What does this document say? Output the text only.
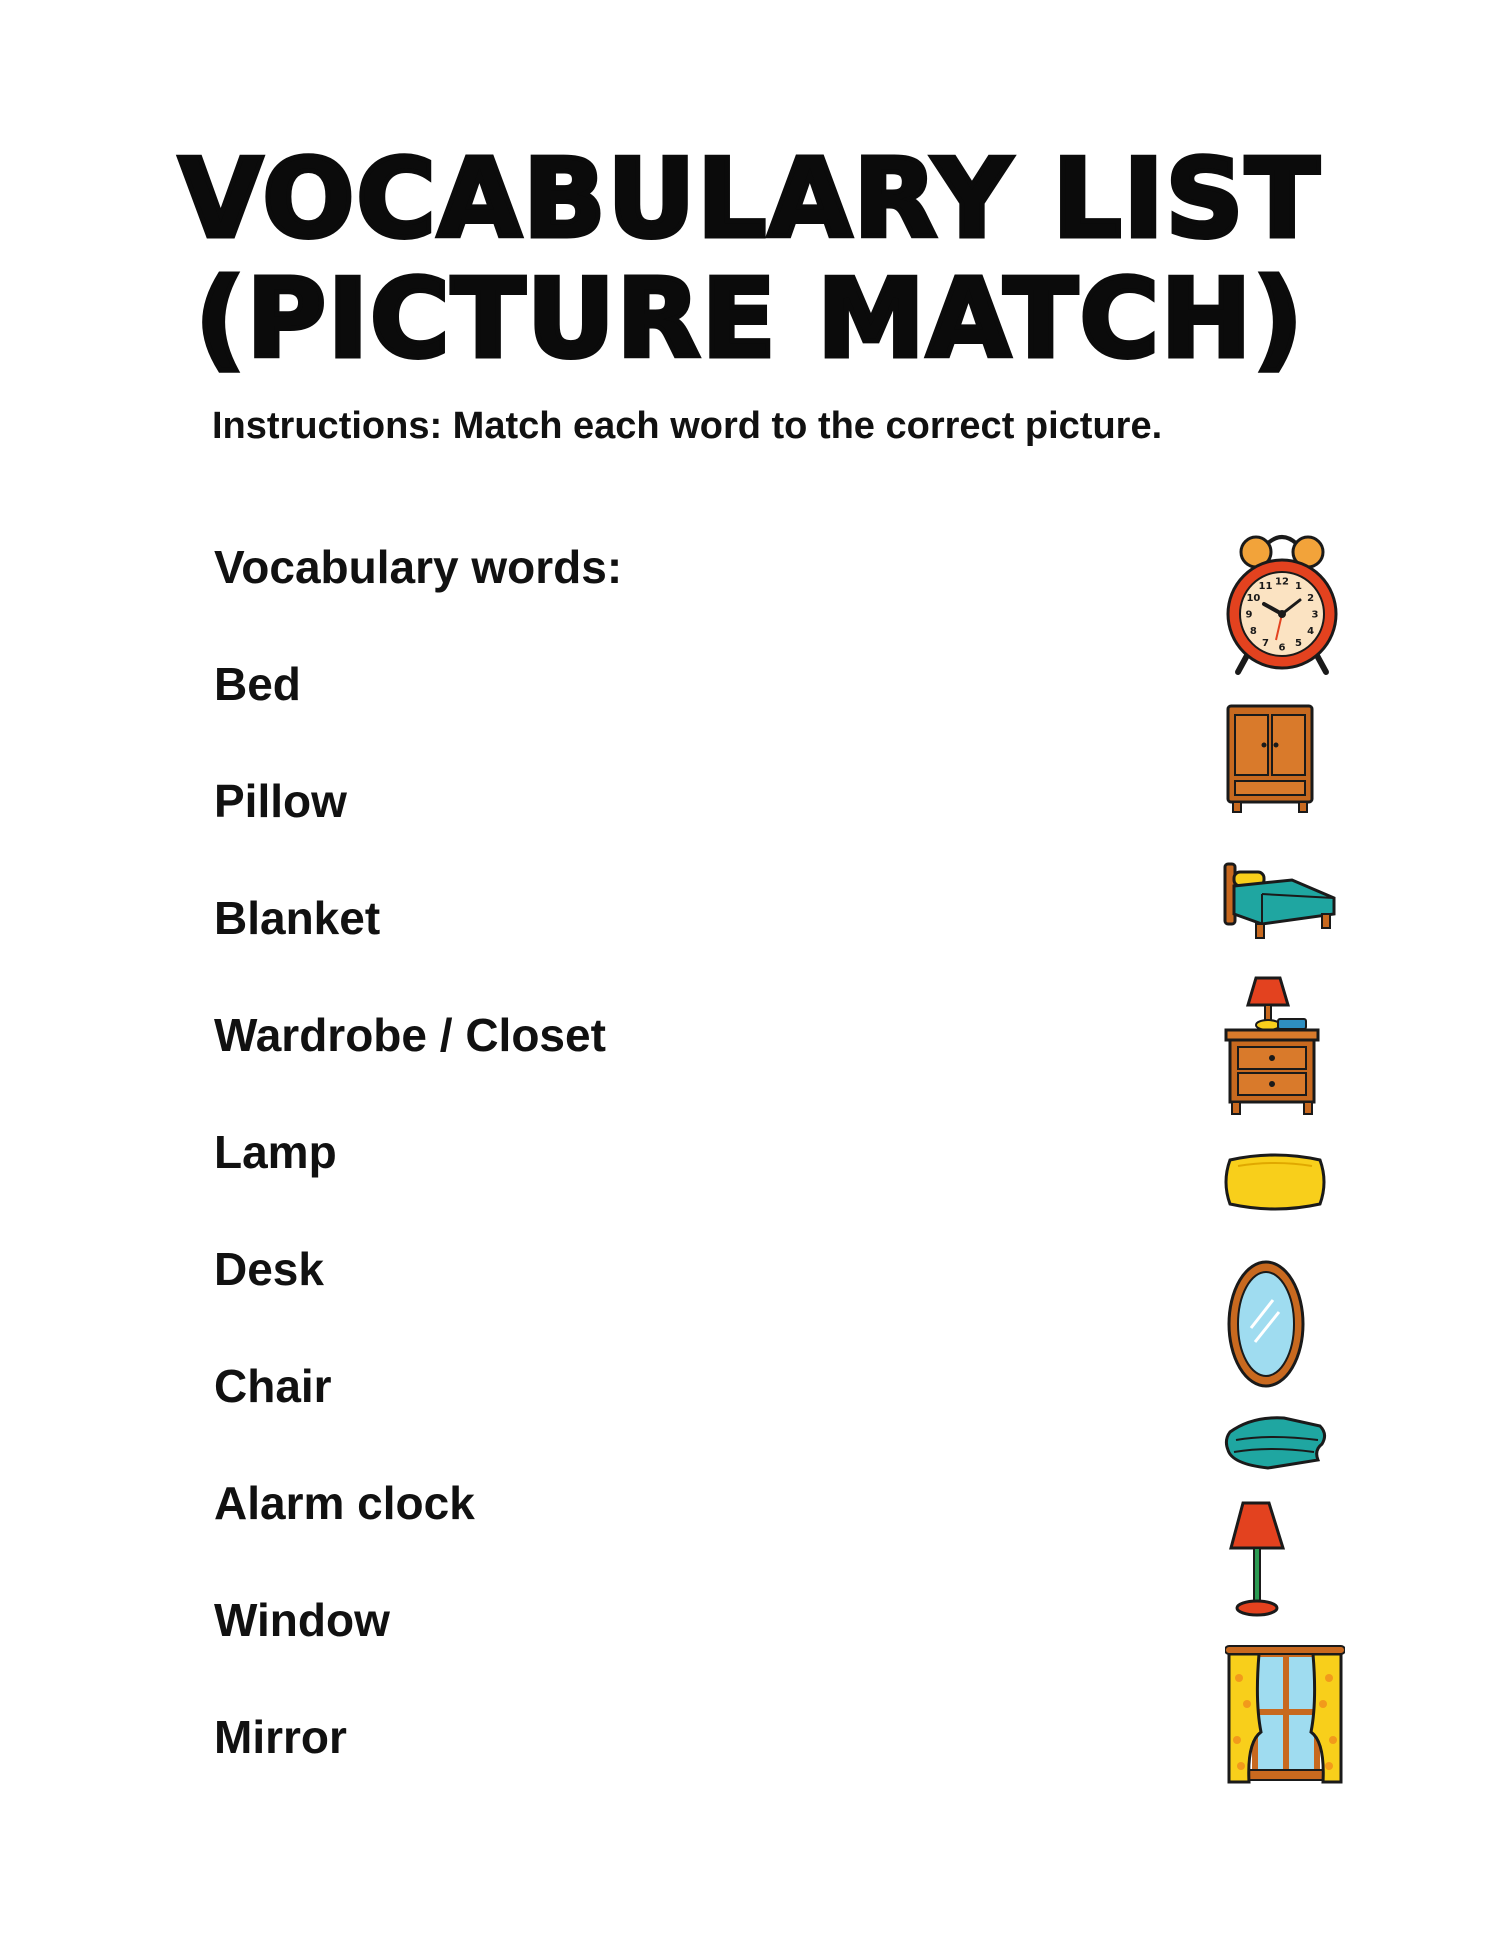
VOCABULARY LIST
(PICTURE MATCH)
Instructions: Match each word to the correct picture.
Vocabulary words:
Bed
Pillow
Blanket
Wardrobe / Closet
Lamp
Desk
Chair
Alarm clock
Window
Mirror
12 1
2
3
4
5
6
7
8
9
10
11
